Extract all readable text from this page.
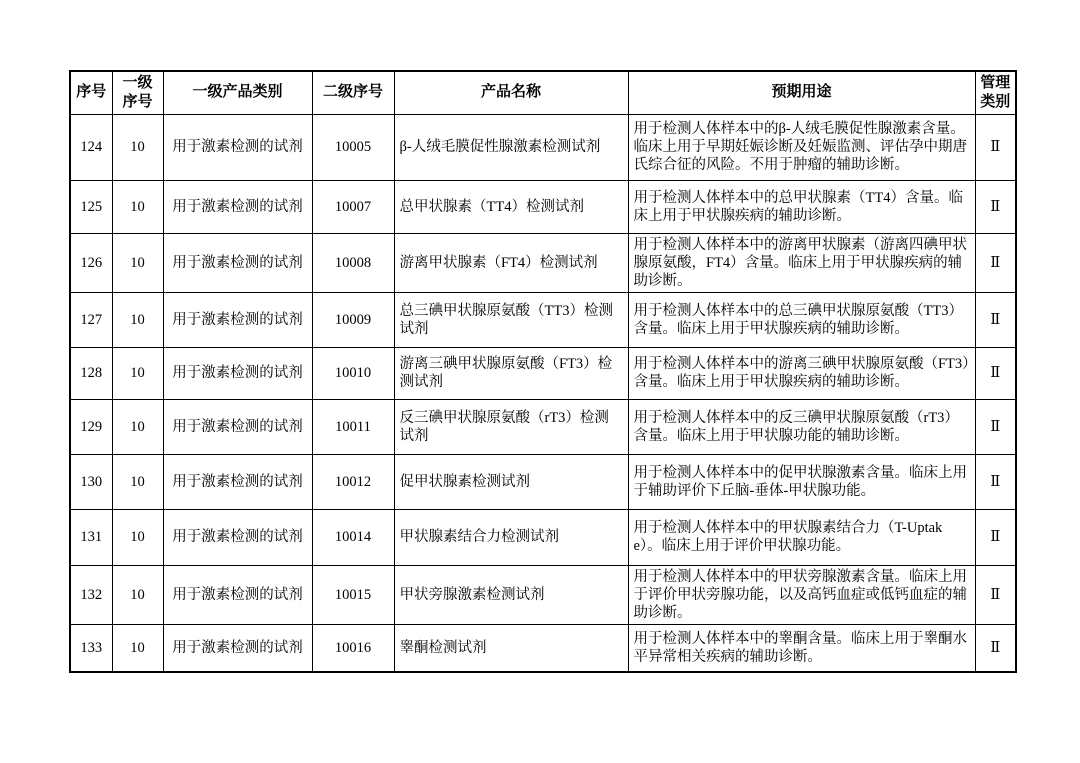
序号	一级序号	一级产品类别	二级序号	产品名称	预期用途	管理类别
124	10	用于激素检测的试剂	10005	β-人绒毛膜促性腺激素检测试剂	用于检测人体样本中的β-人绒毛膜促性腺激素含量。临床上用于早期妊娠诊断及妊娠监测、评估孕中期唐氏综合征的风险。不用于肿瘤的辅助诊断。	Ⅱ
125	10	用于激素检测的试剂	10007	总甲状腺素（TT4）检测试剂	用于检测人体样本中的总甲状腺素（TT4）含量。临床上用于甲状腺疾病的辅助诊断。	Ⅱ
126	10	用于激素检测的试剂	10008	游离甲状腺素（FT4）检测试剂	用于检测人体样本中的游离甲状腺素（游离四碘甲状腺原氨酸，FT4）含量。临床上用于甲状腺疾病的辅助诊断。	Ⅱ
127	10	用于激素检测的试剂	10009	总三碘甲状腺原氨酸（TT3）检测试剂	用于检测人体样本中的总三碘甲状腺原氨酸（TT3）含量。临床上用于甲状腺疾病的辅助诊断。	Ⅱ
128	10	用于激素检测的试剂	10010	游离三碘甲状腺原氨酸（FT3）检测试剂	用于检测人体样本中的游离三碘甲状腺原氨酸（FT3）含量。临床上用于甲状腺疾病的辅助诊断。	Ⅱ
129	10	用于激素检测的试剂	10011	反三碘甲状腺原氨酸（rT3）检测试剂	用于检测人体样本中的反三碘甲状腺原氨酸（rT3）含量。临床上用于甲状腺功能的辅助诊断。	Ⅱ
130	10	用于激素检测的试剂	10012	促甲状腺素检测试剂	用于检测人体样本中的促甲状腺激素含量。临床上用于辅助评价下丘脑-垂体-甲状腺功能。	Ⅱ
131	10	用于激素检测的试剂	10014	甲状腺素结合力检测试剂	用于检测人体样本中的甲状腺素结合力（T-Uptake）。临床上用于评价甲状腺功能。	Ⅱ
132	10	用于激素检测的试剂	10015	甲状旁腺激素检测试剂	用于检测人体样本中的甲状旁腺激素含量。临床上用于评价甲状旁腺功能，以及高钙血症或低钙血症的辅助诊断。	Ⅱ
133	10	用于激素检测的试剂	10016	睾酮检测试剂	用于检测人体样本中的睾酮含量。临床上用于睾酮水平异常相关疾病的辅助诊断。	Ⅱ
